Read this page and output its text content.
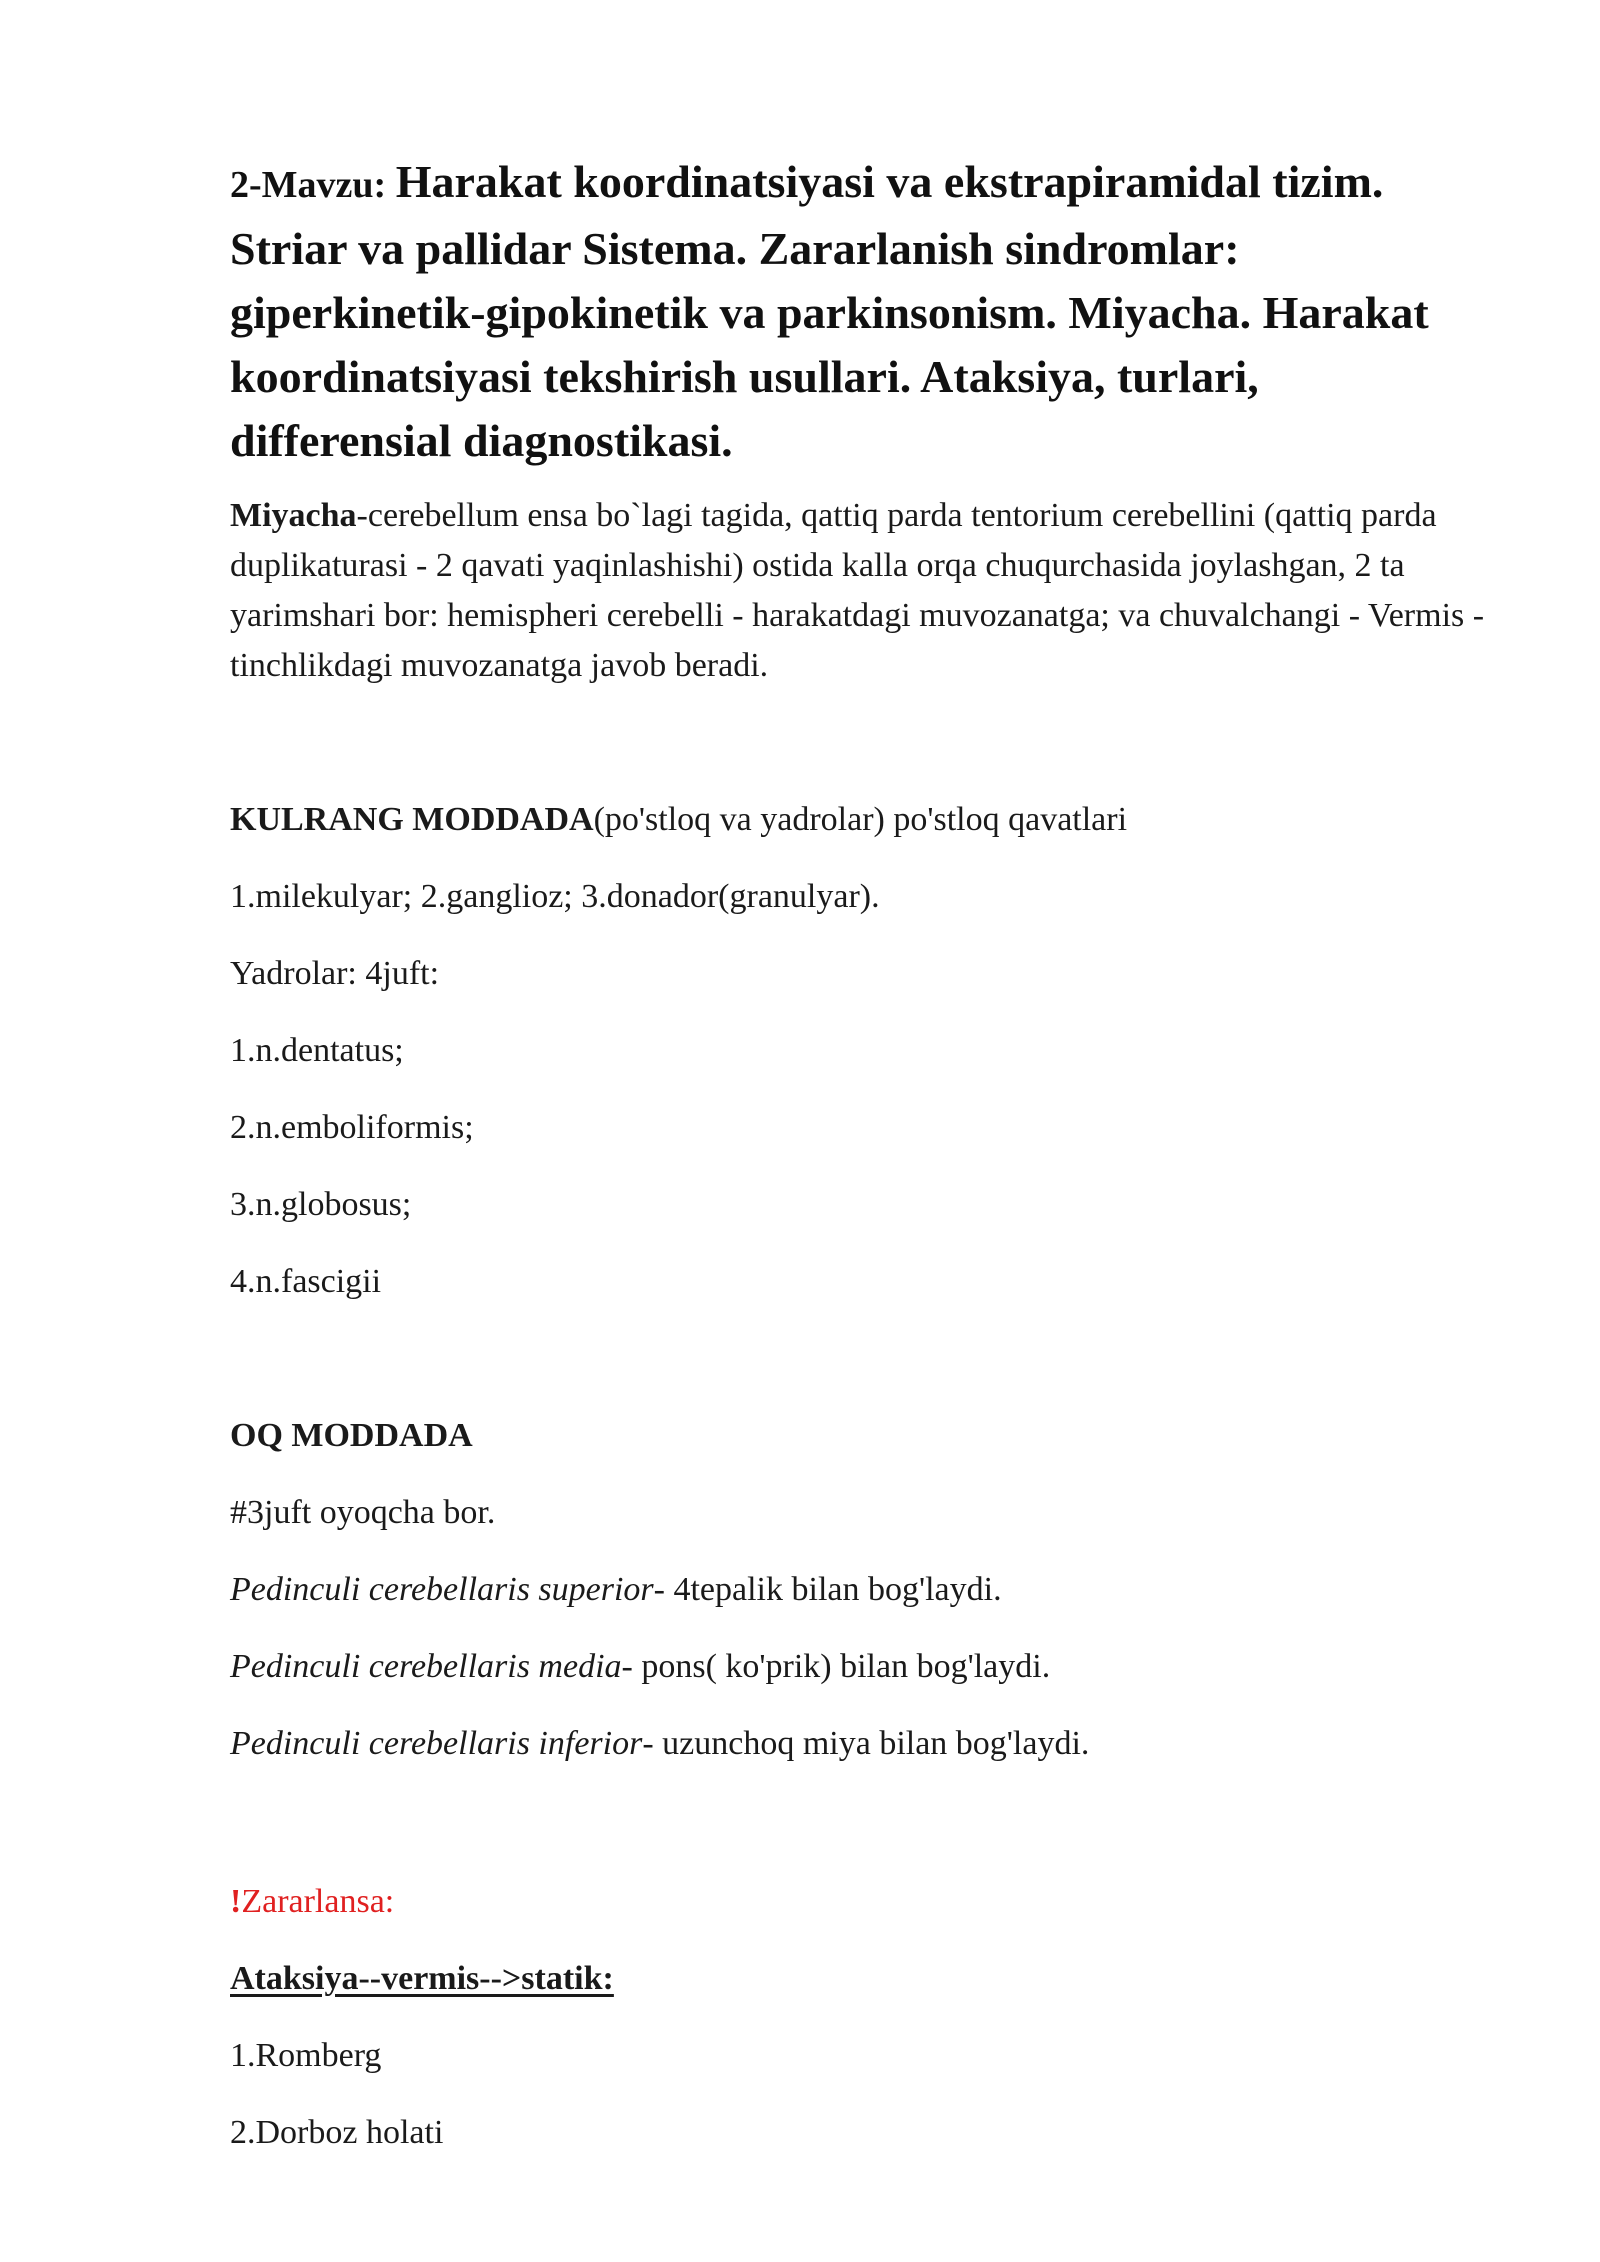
2-Mavzu: Harakat koordinatsiyasi va ekstrapiramidal tizim. Striar va pallidar Sistema. Zararlanish sindromlar: giperkinetik-gipokinetik va parkinsonism. Miyacha. Harakat koordinatsiyasi tekshirish usullari. Ataksiya, turlari, differensial diagnostikasi.

Miyacha-cerebellum ensa bo`lagi tagida, qattiq parda tentorium cerebellini (qattiq parda duplikaturasi - 2 qavati yaqinlashishi) ostida kalla orqa chuqurchasida joylashgan, 2 ta yarimshari bor: hemispheri cerebelli - harakatdagi muvozanatga; va chuvalchangi - Vermis -tinchlikdagi muvozanatga javob beradi.

KULRANG MODDADA(po'stloq va yadrolar) po'stloq qavatlari

1.milekulyar; 2.ganglioz; 3.donador(granulyar).

Yadrolar: 4juft:

1.n.dentatus;

2.n.emboliformis;

3.n.globosus;

4.n.fascigii

OQ MODDADA

#3juft oyoqcha bor.

Pedinculi cerebellaris superior- 4tepalik bilan bog'laydi.

Pedinculi cerebellaris media- pons( ko'prik) bilan bog'laydi.

Pedinculi cerebellaris inferior- uzunchoq miya bilan bog'laydi.

!Zararlansa:

Ataksiya--vermis-->statik:

1.Romberg

2.Dorboz holati
